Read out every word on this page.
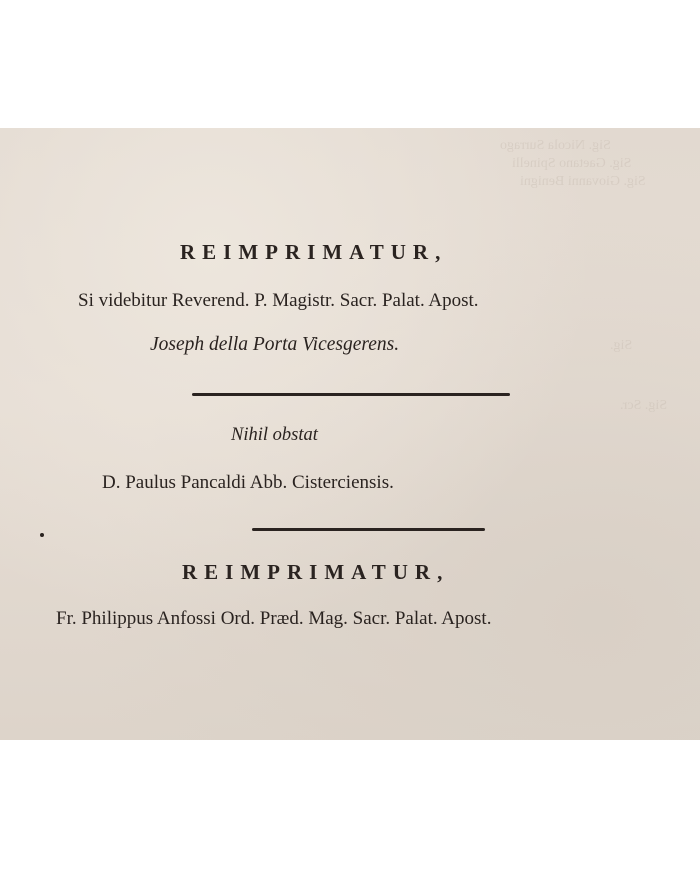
Sig. Nicola Surrago
Sig. Gaetano Spinelli
Sig. Giovanni Benigni
Sig.
Sig. Scr.
REIMPRIMATUR,
Si videbitur Reverend. P. Magistr. Sacr. Palat. Apost.
Joseph della Porta Vicesgerens.
Nihil obstat
D. Paulus Pancaldi Abb. Cisterciensis.
REIMPRIMATUR,
Fr. Philippus Anfossi Ord. Præd. Mag. Sacr. Palat. Apost.
